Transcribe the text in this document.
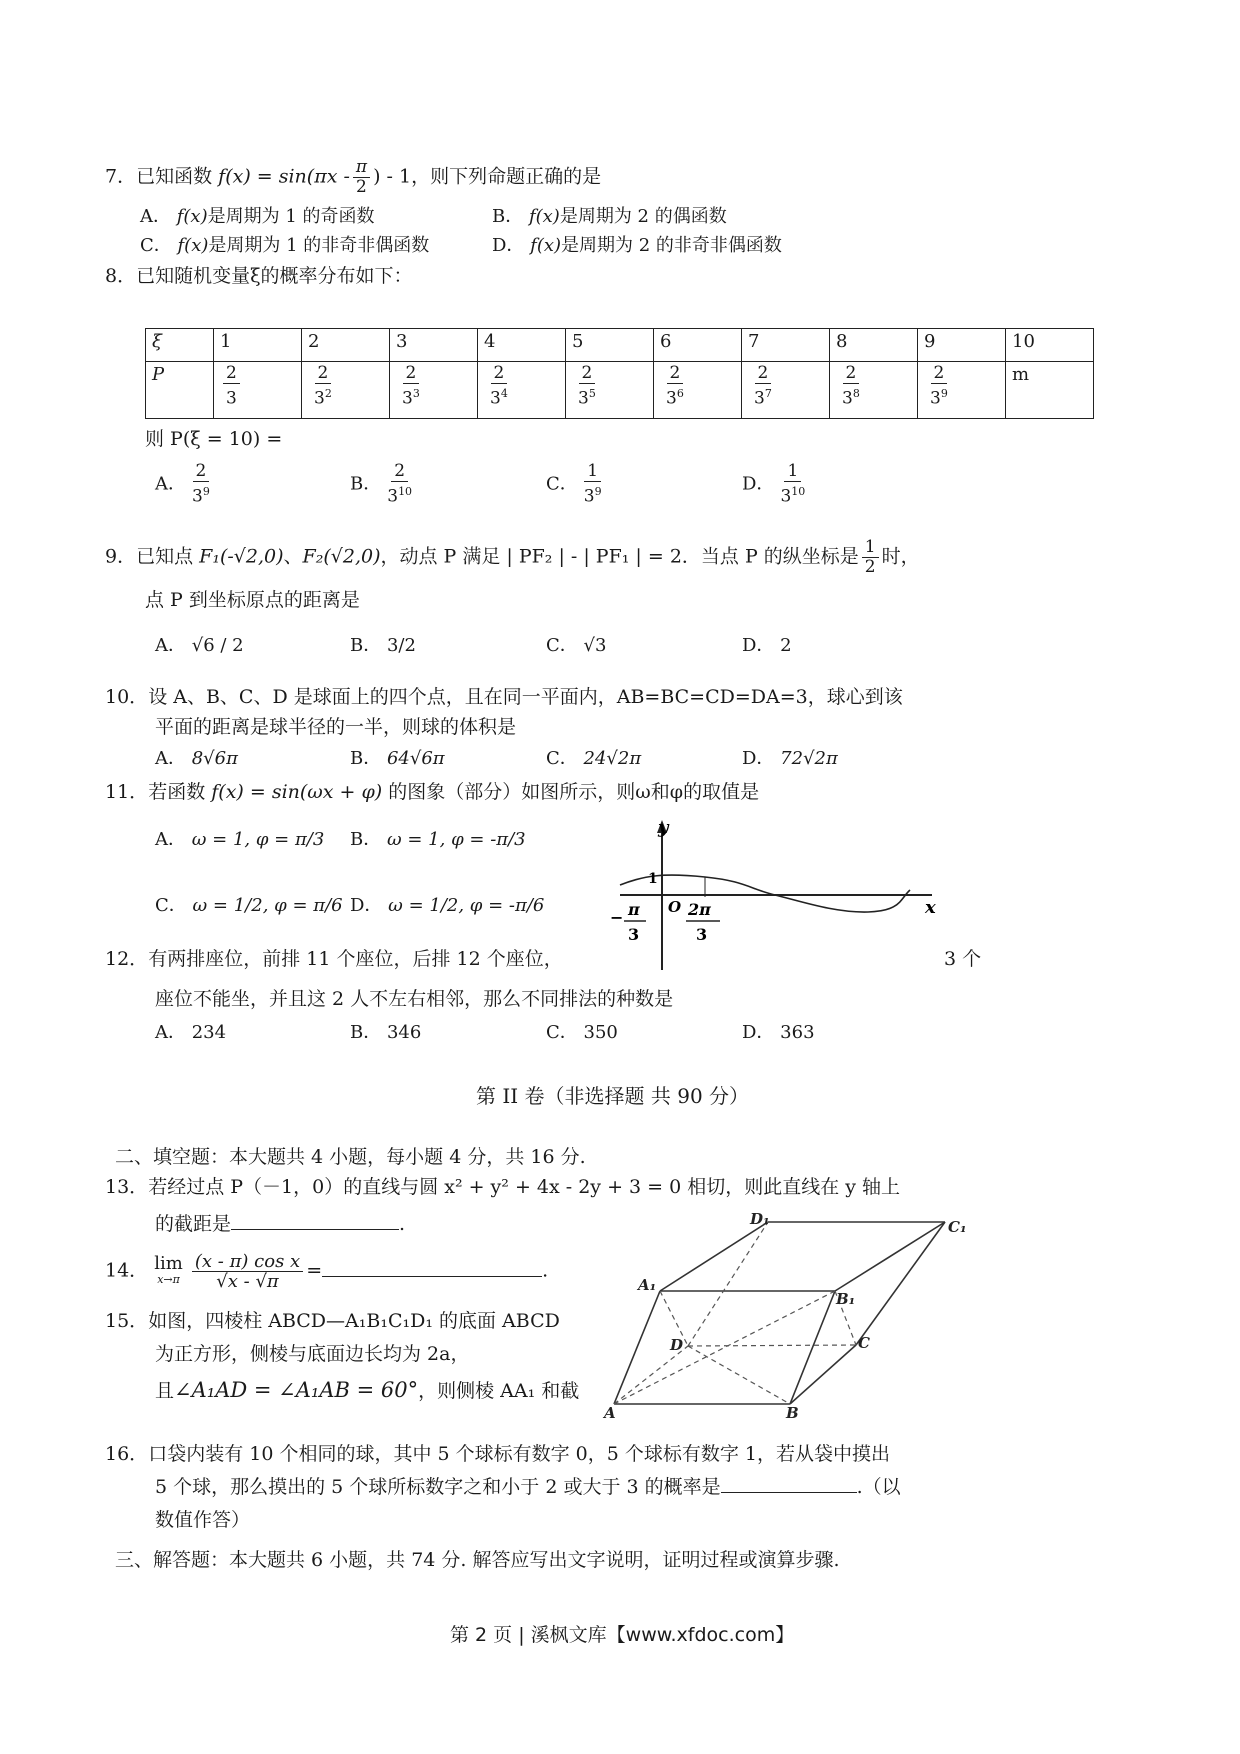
7．已知函数 $f(x) = \sin(\pi x - \frac{\pi}{2}$ ) - 1，则下列命题正确的是
A． f(x)是周期为 1 的奇函数	B． f(x)是周期为 2 的偶函数
C． f(x)是周期为 1 的非奇非偶函数	D． f(x)是周期为 2 的非奇非偶函数
8．已知随机变量ξ的概率分布如下：
ξ	1	2	3	4	5	6	7	8	9	10
P	$\frac{2}{3}$	$\frac{2}{3^2}$	$\frac{2}{3^3}$	$\frac{2}{3^4}$	$\frac{2}{3^5}$	$\frac{2}{3^6}$	$\frac{2}{3^7}$	$\frac{2}{3^8}$	$\frac{2}{3^9}$	m
则 P(ξ = 10) =
A． $\frac{2}{3^9}$	B． $\frac{2}{3^{10}}$	C． $\frac{1}{3^9}$	D． $\frac{1}{3^{10}}$
9．已知点 F₁(-√2,0)、F₂(√2,0)，动点 P 满足 | PF₂ | - | PF₁ | = 2．当点 P 的纵坐标是 $\frac{1}{2}$ 时，
点 P 到坐标原点的距离是
A． √6 / 2	B． 3/2	C． √3	D． 2
10．设 A、B、C、D 是球面上的四个点，且在同一平面内，AB=BC=CD=DA=3，球心到该
平面的距离是球半径的一半，则球的体积是
A． 8√6π	B． 64√6π	C． 24√2π	D． 72√2π
11．若函数 f(x) = sin(ωx + φ) 的图象（部分）如图所示，则ω和φ的取值是
A． ω = 1, φ = π/3 B． ω = 1, φ = -π/3
C． ω = 1/2, φ = π/6 D． ω = 1/2, φ = -π/6
y
x
O
1
− π
3
2π
3
12．有两排座位，前排 11 个座位，后排 12 个座位，	3 个
座位不能坐，并且这 2 人不左右相邻，那么不同排法的种数是
A． 234	B． 346	C． 350	D． 363
第 II 卷（非选择题 共 90 分）
二、填空题：本大题共 4 小题，每小题 4 分，共 16 分.
13．若经过点 P（－1，0）的直线与圆 x² + y² + 4x - 2y + 3 = 0 相切，则此直线在 y 轴上
的截距是	.
14． lim
x→π
$\frac{\text{(x - π) cos x}}{√x - √\pi}$ =	.
15．如图，四棱柱 ABCD—A₁B₁C₁D₁ 的底面 ABCD
为正方形，侧棱与底面边长均为 2a，
且∠A₁AD = ∠A₁AB = 60°，则侧棱 AA₁ 和截
D₁	C₁
A₁
B₁
D	C
A	B
16．口袋内装有 10 个相同的球，其中 5 个球标有数字 0，5 个球标有数字 1，若从袋中摸出
5 个球，那么摸出的 5 个球所标数字之和小于 2 或大于 3 的概率是	.（以
数值作答）
三、解答题：本大题共 6 小题，共 74 分. 解答应写出文字说明，证明过程或演算步骤.
第 2 页 | 溪枫文库【www.xfdoc.com】
